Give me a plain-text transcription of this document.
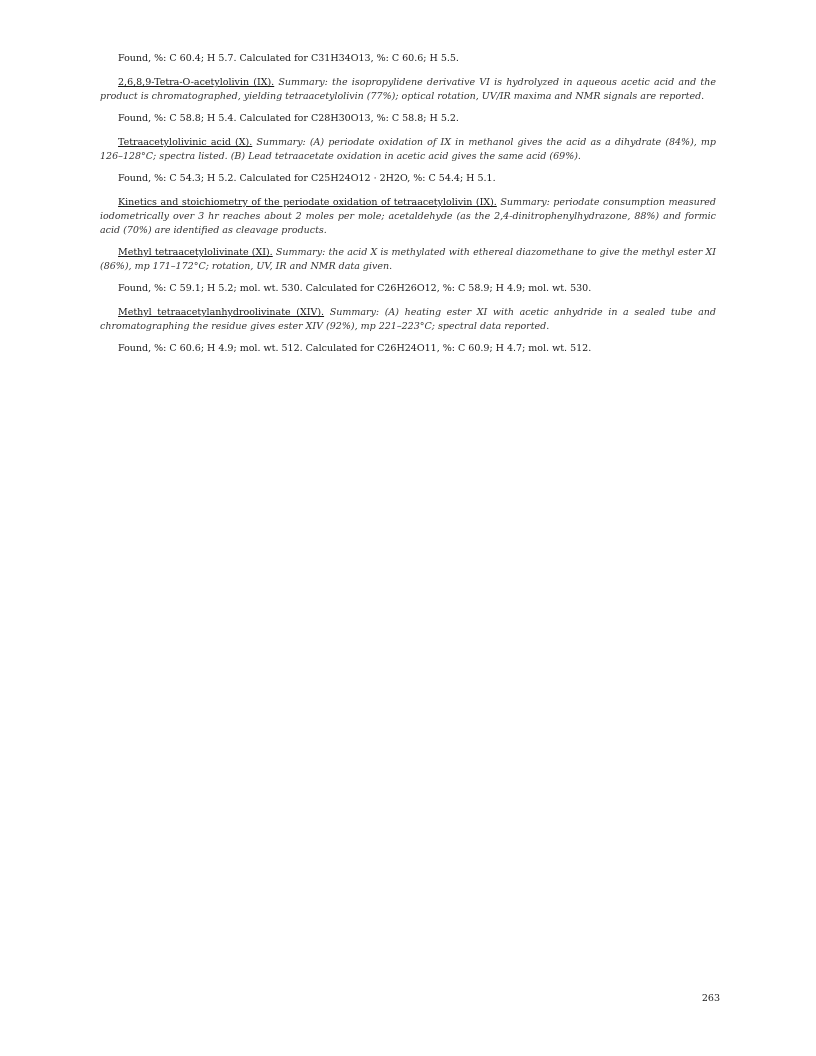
Found, %: C 60.4; H 5.7. Calculated for C31H34O13, %: C 60.6; H 5.5.

2,6,8,9-Tetra-O-acetylolivin (IX). Summary: the isopropylidene derivative VI is hydrolyzed in aqueous acetic acid and the product is chromatographed, yielding tetraacetylolivin (77%); optical rotation, UV/IR maxima and NMR signals are reported.

Found, %: C 58.8; H 5.4. Calculated for C28H30O13, %: C 58.8; H 5.2.

Tetraacetylolivinic acid (X). Summary: (A) periodate oxidation of IX in methanol gives the acid as a dihydrate (84%), mp 126–128°C; spectra listed. (B) Lead tetraacetate oxidation in acetic acid gives the same acid (69%).

Found, %: C 54.3; H 5.2. Calculated for C25H24O12 · 2H2O, %: C 54.4; H 5.1.

Kinetics and stoichiometry of the periodate oxidation of tetraacetylolivin (IX). Summary: periodate consumption measured iodometrically over 3 hr reaches about 2 moles per mole; acetaldehyde (as the 2,4-dinitrophenylhydrazone, 88%) and formic acid (70%) are identified as cleavage products.

Methyl tetraacetylolivinate (XI). Summary: the acid X is methylated with ethereal diazomethane to give the methyl ester XI (86%), mp 171–172°C; rotation, UV, IR and NMR data given.

Found, %: C 59.1; H 5.2; mol. wt. 530. Calculated for C26H26O12, %: C 58.9; H 4.9; mol. wt. 530.

Methyl tetraacetylanhydroolivinate (XIV). Summary: (A) heating ester XI with acetic anhydride in a sealed tube and chromatographing the residue gives ester XIV (92%), mp 221–223°C; spectral data reported.

Found, %: C 60.6; H 4.9; mol. wt. 512. Calculated for C26H24O11, %: C 60.9; H 4.7; mol. wt. 512.

263
